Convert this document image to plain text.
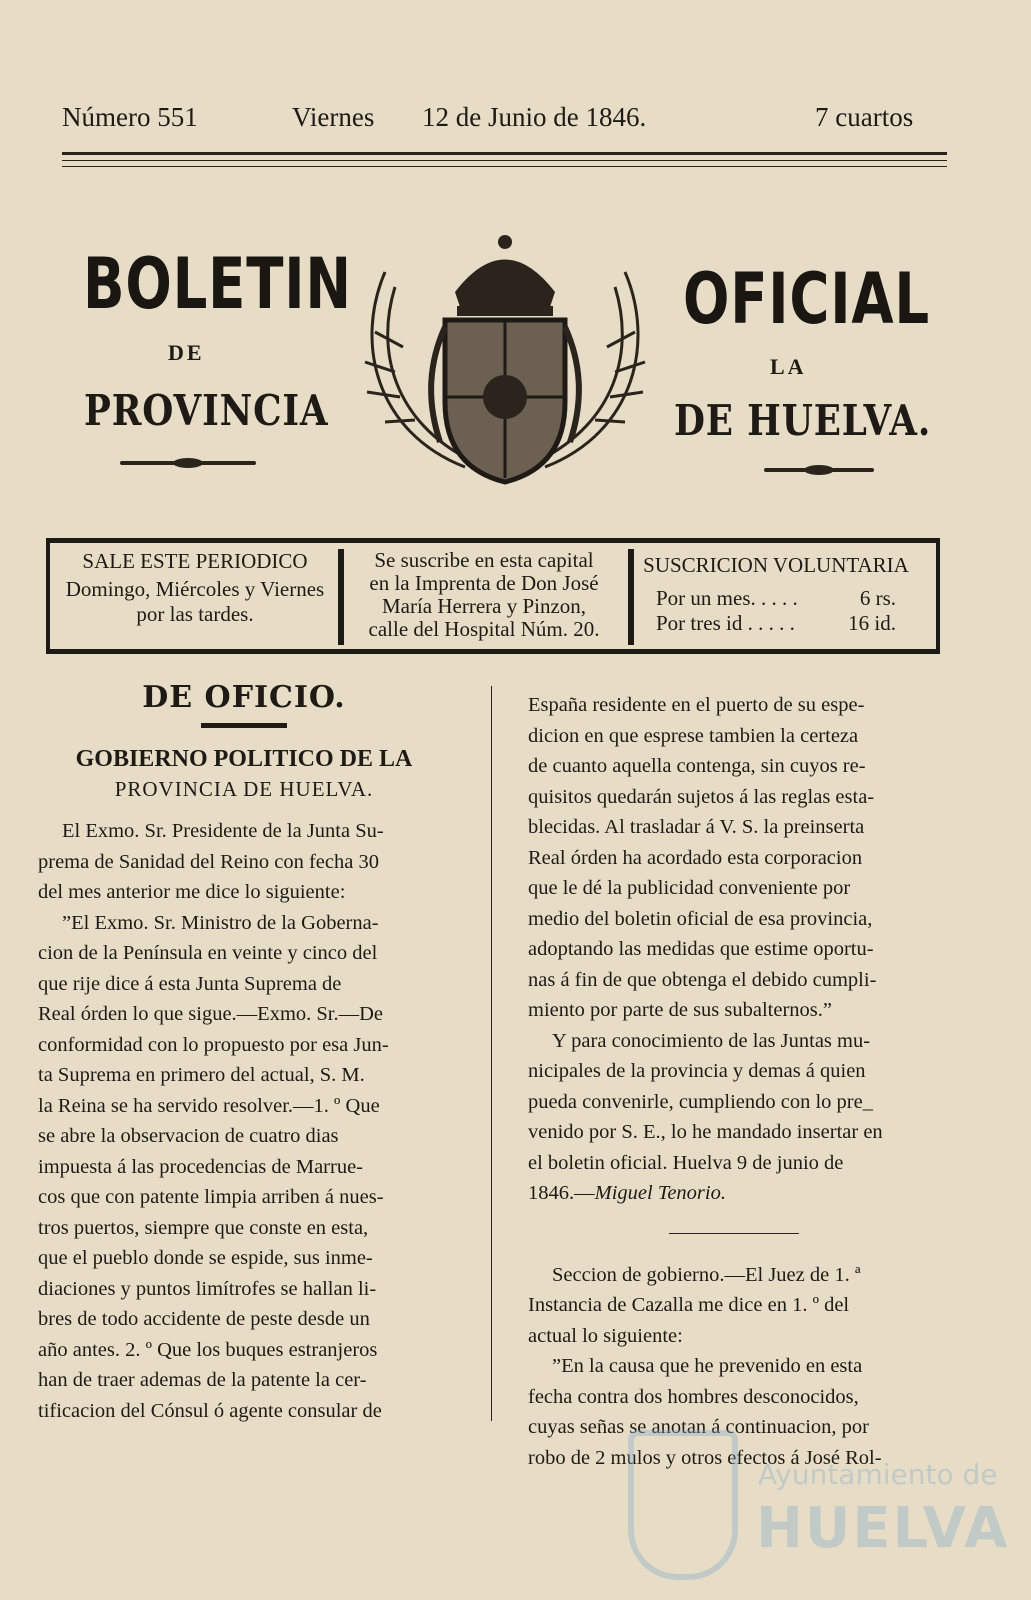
Número 551	Viernes 12 de Junio de 1846.	7 cuartos
BOLETIN
DE
PROVINCIA
OFICIAL
LA
DE HUELVA.
SALE ESTE PERIODICO
Domingo, Miércoles y Viernes
por las tardes.
Se suscribe en esta capital
en la Imprenta de Don José
María Herrera y Pinzon,
calle del Hospital Núm. 20.
SUSCRICION VOLUNTARIA
Por un mes. . . . .	6 rs.
Por tres id . . . . .	16 id.
DE OFICIO.
GOBIERNO POLITICO DE LA
PROVINCIA DE HUELVA.
El Exmo. Sr. Presidente de la Junta Su-
prema de Sanidad del Reino con fecha 30
del mes anterior me dice lo siguiente:
”El Exmo. Sr. Ministro de la Goberna-
cion de la Península en veinte y cinco del
que rije dice á esta Junta Suprema de
Real órden lo que sigue.—Exmo. Sr.—De
conformidad con lo propuesto por esa Jun-
ta Suprema en primero del actual, S. M.
la Reina se ha servido resolver.—1. º Que
se abre la observacion de cuatro dias
impuesta á las procedencias de Marrue-
cos que con patente limpia arriben á nues-
tros puertos, siempre que conste en esta,
que el pueblo donde se espide, sus inme-
diaciones y puntos limítrofes se hallan li-
bres de todo accidente de peste desde un
año antes. 2. º Que los buques estranjeros
han de traer ademas de la patente la cer-
tificacion del Cónsul ó agente consular de
España residente en el puerto de su espe-
dicion en que esprese tambien la certeza
de cuanto aquella contenga, sin cuyos re-
quisitos quedarán sujetos á las reglas esta-
blecidas. Al trasladar á V. S. la preinserta
Real órden ha acordado esta corporacion
que le dé la publicidad conveniente por
medio del boletin oficial de esa provincia,
adoptando las medidas que estime oportu-
nas á fin de que obtenga el debido cumpli-
miento por parte de sus subalternos.”
Y para conocimiento de las Juntas mu-
nicipales de la provincia y demas á quien
pueda convenirle, cumpliendo con lo pre_
venido por S. E., lo he mandado insertar en
el boletin oficial. Huelva 9 de junio de
1846.—Miguel Tenorio.
Seccion de gobierno.—El Juez de 1. ª
Instancia de Cazalla me dice en 1. º del
actual lo siguiente:
”En la causa que he prevenido en esta
fecha contra dos hombres desconocidos,
cuyas señas se anotan á continuacion, por
robo de 2 mulos y otros efectos á José Rol-
Ayuntamiento de
HUELVA
